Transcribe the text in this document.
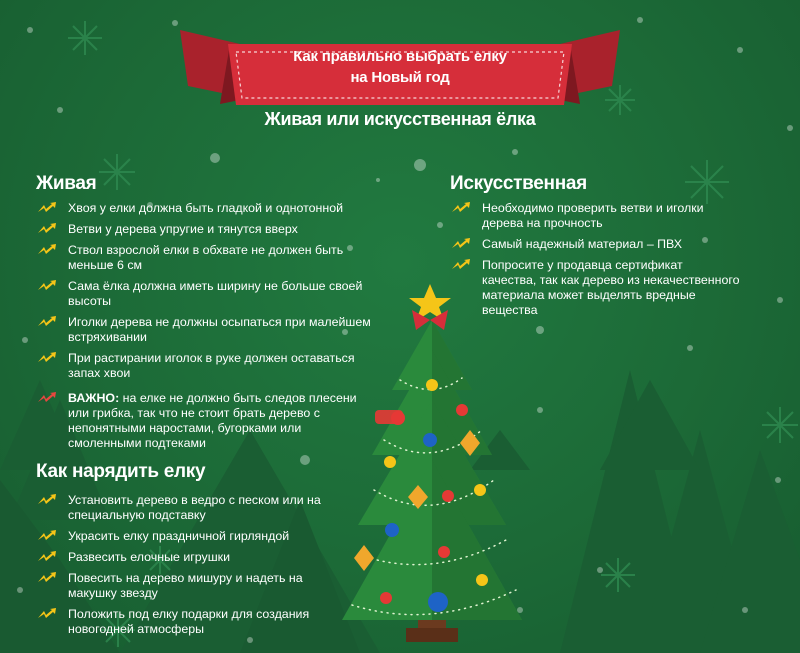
Как правильно выбрать елку
на Новый год
Живая или искусственная ёлка
Живая
Хвоя у елки должна быть гладкой и однотонной
Ветви у дерева упругие и тянутся вверх
Ствол взрослой елки в обхвате не должен быть меньше 6 см
Сама ёлка должна иметь ширину не больше своей высоты
Иголки дерева не должны осыпаться при малейшем встряхивании
При растирании иголок в руке должен оставаться запах хвои
ВАЖНО: на елке не должно быть следов плесени или грибка, так что не стоит брать дерево с непонятными наростами, бугорками или смоленными подтеками
Как нарядить елку
Установить дерево в ведро с песком или на специальную подставку
Украсить елку праздничной гирляндой
Развесить елочные игрушки
Повесить на дерево мишуру и надеть на макушку звезду
Положить под елку подарки для создания новогодней атмосферы
Искусственная
Необходимо проверить ветви и иголки дерева на прочность
Самый надежный материал – ПВХ
Попросите у продавца сертификат качества, так как дерево из некачественного материала может выделять вредные вещества
